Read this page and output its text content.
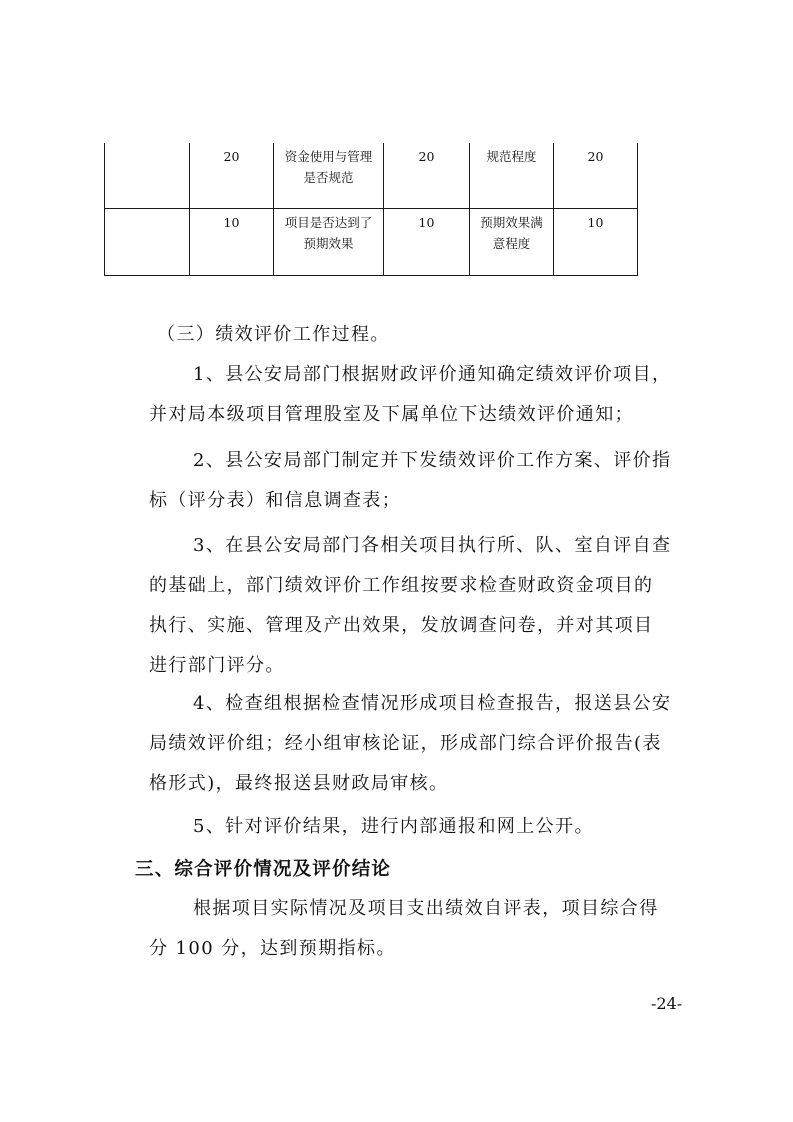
	20	资金使用与管理是否规范	20	规范程度	20
	10	项目是否达到了预期效果	10	预期效果满意程度	10
（三）绩效评价工作过程。
1、县公安局部门根据财政评价通知确定绩效评价项目，
并对局本级项目管理股室及下属单位下达绩效评价通知；
2、县公安局部门制定并下发绩效评价工作方案、评价指
标（评分表）和信息调查表；
3、在县公安局部门各相关项目执行所、队、室自评自查
的基础上，部门绩效评价工作组按要求检查财政资金项目的
执行、实施、管理及产出效果，发放调查问卷，并对其项目
进行部门评分。
4、检查组根据检查情况形成项目检查报告，报送县公安
局绩效评价组；经小组审核论证，形成部门综合评价报告(表
格形式)，最终报送县财政局审核。
5、针对评价结果，进行内部通报和网上公开。
三、综合评价情况及评价结论
根据项目实际情况及项目支出绩效自评表，项目综合得
分 100 分，达到预期指标。
-24-
